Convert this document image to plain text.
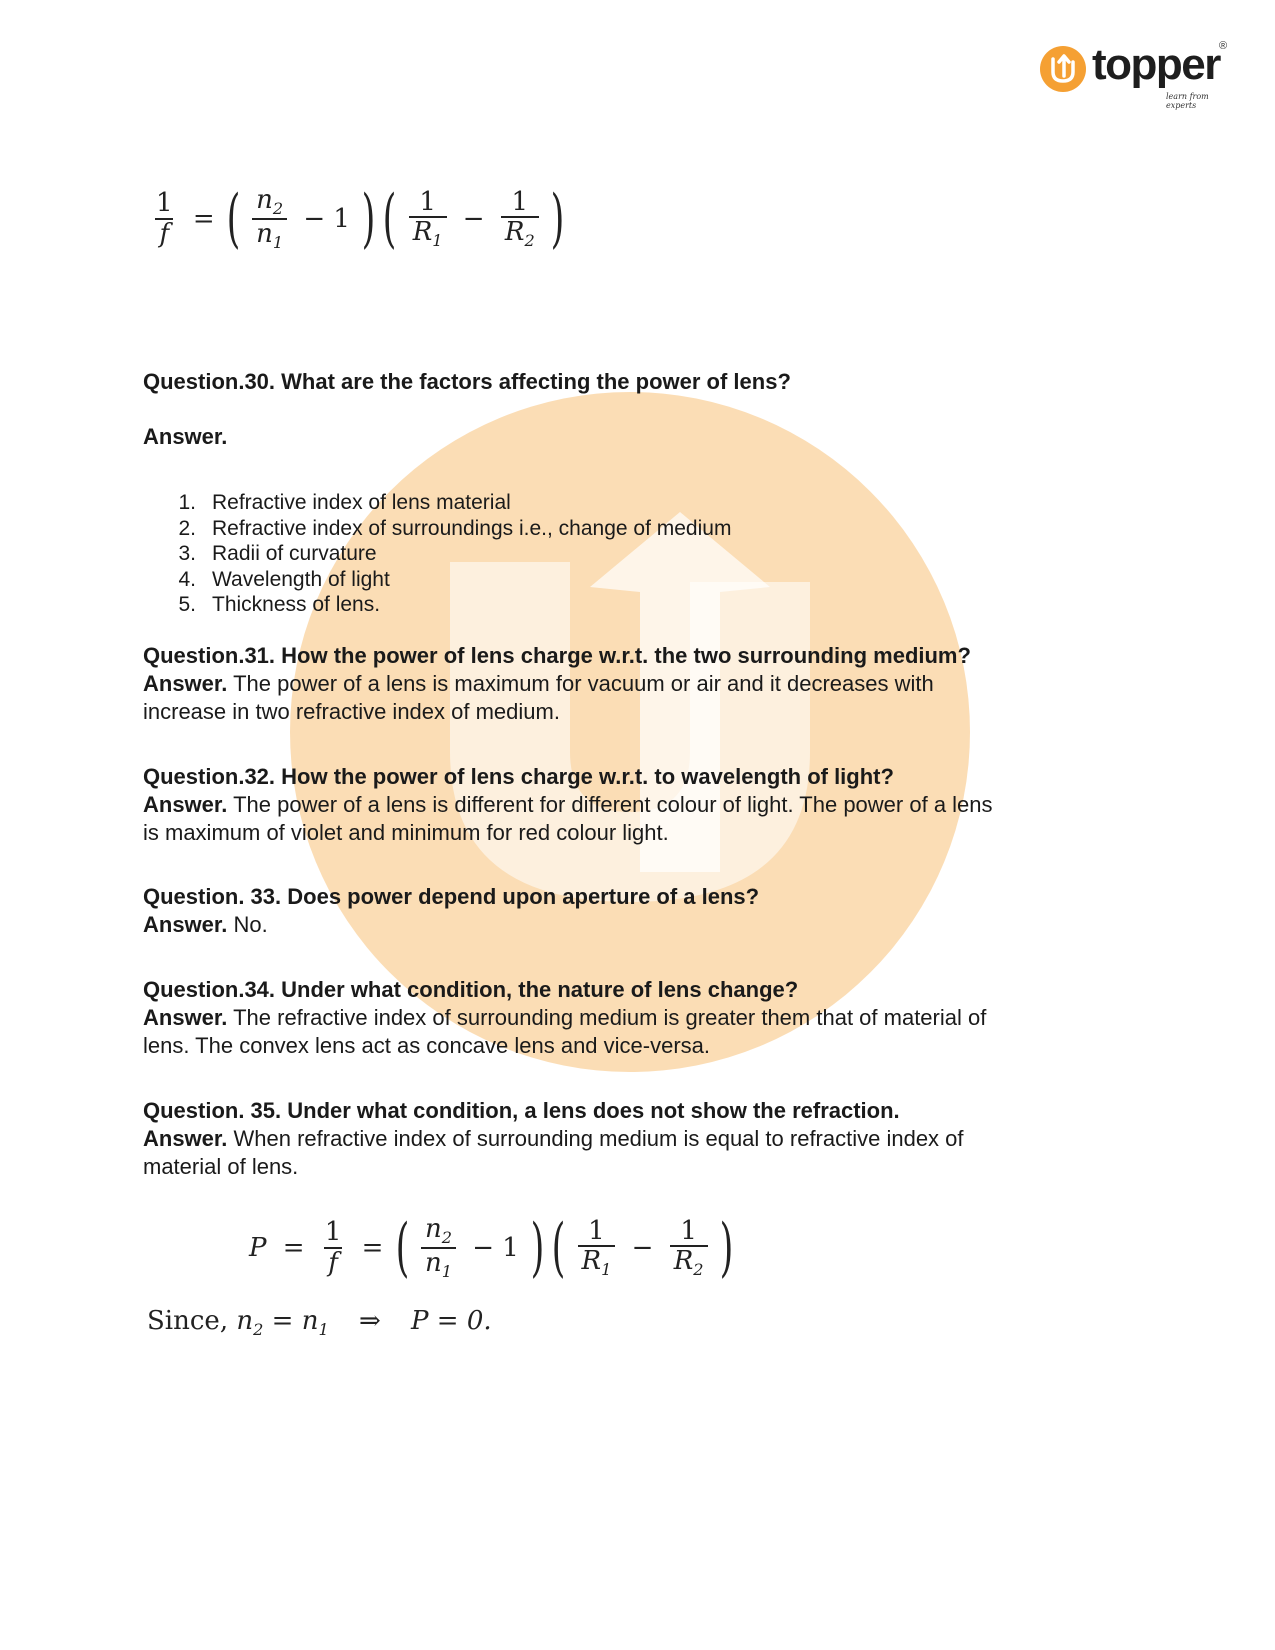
topper ®
learn from experts
$\frac{1}{f}$ = ( $\frac{n_2}{n_1} - 1$ ) ( $\frac{1}{R_1} - \frac{1}{R_2}$ )
Question.30. What are the factors affecting the power of lens?
Answer.
1. Refractive index of lens material
2. Refractive index of surroundings i.e., change of medium
3. Radii of curvature
4. Wavelength of light
5. Thickness of lens.
Question.31. How the power of lens charge w.r.t. the two surrounding medium?

Answer. The power of a lens is maximum for vacuum or air and it decreases with
increase in two refractive index of medium.

Question.32. How the power of lens charge w.r.t. to wavelength of light?

Answer. The power of a lens is different for different colour of light. The power of a lens
is maximum of violet and minimum for red colour light.

Question. 33. Does power depend upon aperture of a lens?

Answer. No.

Question.34. Under what condition, the nature of lens change?

Answer. The refractive index of surrounding medium is greater them that of material of
lens. The convex lens act as concave lens and vice-versa.

Question. 35. Under what condition, a lens does not show the refraction.

Answer. When refractive index of surrounding medium is equal to refractive index of
material of lens.

$P = \frac{1}{f}$ = ( $\frac{n_2}{n_1} - 1$ ) ( $\frac{1}{R_1} - \frac{1}{R_2}$ )
Since, $n_2 = n_1$ ⇒ P = 0.
